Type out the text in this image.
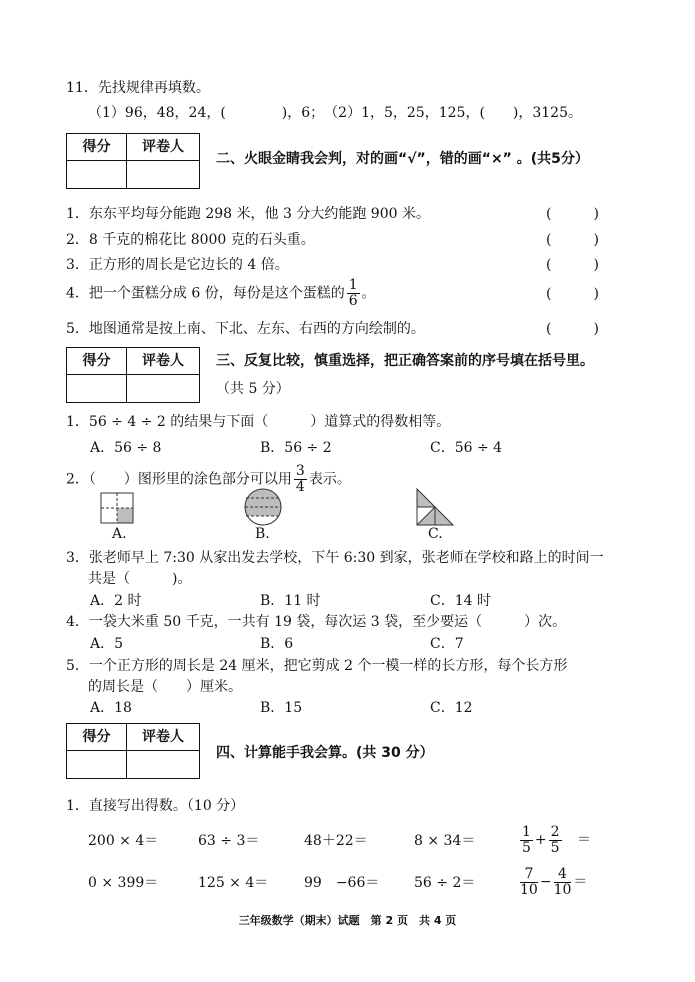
11．先找规律再填数。
（1）96，48，24，(　　　　)，6；　（2）1，5，25，125，(　　)，3125。
得分	评卷人
二、火眼金睛我会判，对的画“√”，错的画“×” 。(共5分）
1．东东平均每分能跑 298 米，他 3 分大约能跑 900 米。	(　　　)
2．8 千克的棉花比 8000 克的石头重。	(　　　)
3．正方形的周长是它边长的 4 倍。	(　　　)
4．把一个蛋糕分成 6 份，每份是这个蛋糕的 $\frac{1}{6}$ 。	(　　　)
5．地图通常是按上南、下北、左东、右西的方向绘制的。	(　　　)
得分	评卷人	三、反复比较，慎重选择，把正确答案前的序号填在括号里。
（共 5 分）
1．56 ÷ 4 ÷ 2 的结果与下面（　　　）道算式的得数相等。
A．56 ÷ 8	B．56 ÷ 2	C．56 ÷ 4
2．（　　）图形里的涂色部分可以用 $\frac{3}{4}$ 表示。
A.	B.	C.
3．张老师早上 7:30 从家出发去学校，下午 6:30 到家，张老师在学校和路上的时间一
共是（　　　)。
A．2 时	B．11 时	C．14 时
4．一袋大米重 50 千克，一共有 19 袋，每次运 3 袋，至少要运（　　　）次。
A．5	B．6	C．7
5．一个正方形的周长是 24 厘米，把它剪成 2 个一模一样的长方形，每个长方形
的周长是（　　）厘米。
A．18	B．15	C．12
得分	评卷人
四、计算能手我会算。(共 30 分）
1．直接写出得数。（10 分）
200 × 4＝	63 ÷ 3＝	48＋22＝	8 × 34＝	$\frac{1}{5} + \frac{2}{5}$ ＝
0 × 399＝	125 × 4＝	99　−66＝ 56 ÷ 2＝	$\frac{7}{10} - \frac{4}{10}$ ＝
三年级数学（期末）试题　第 2 页　共 4 页
